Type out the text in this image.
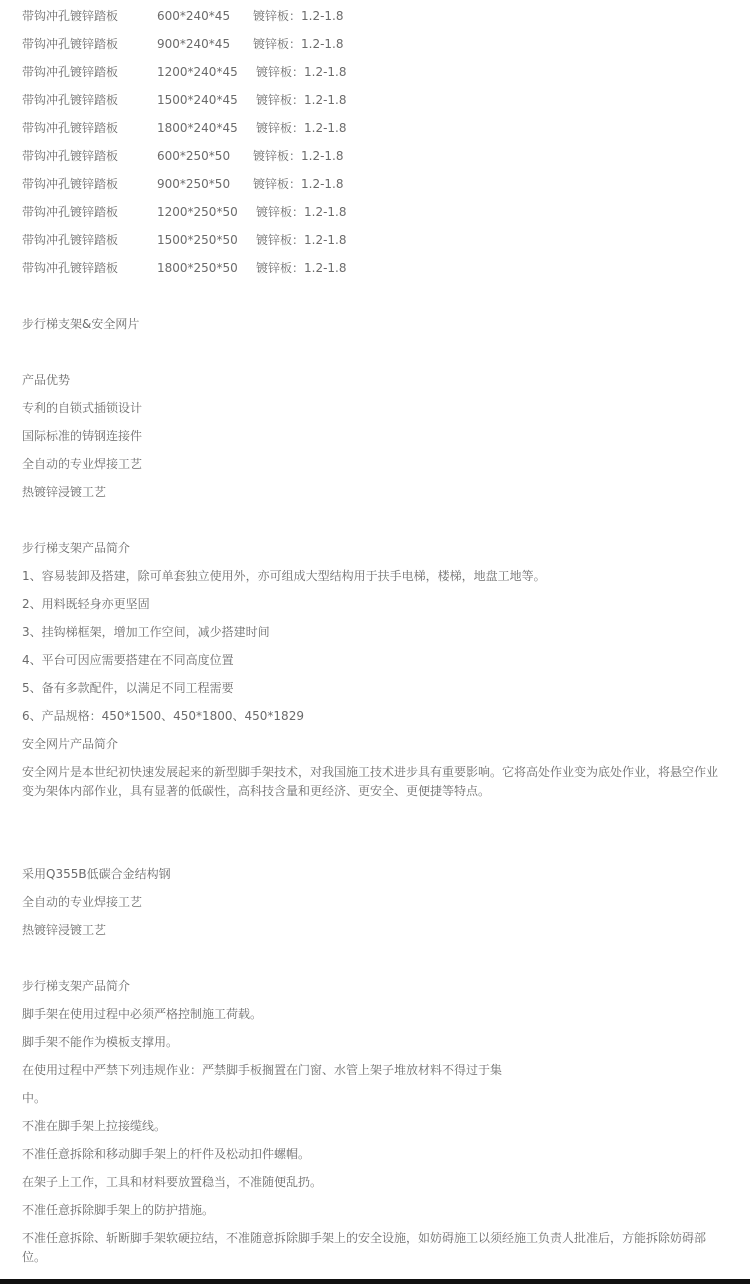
带钩冲孔镀锌踏板	600*240*45 镀锌板：1.2-1.8
带钩冲孔镀锌踏板	900*240*45 镀锌板：1.2-1.8
带钩冲孔镀锌踏板	1200*240*45 镀锌板：1.2-1.8
带钩冲孔镀锌踏板	1500*240*45 镀锌板：1.2-1.8
带钩冲孔镀锌踏板	1800*240*45 镀锌板：1.2-1.8
带钩冲孔镀锌踏板	600*250*50 镀锌板：1.2-1.8
带钩冲孔镀锌踏板	900*250*50 镀锌板：1.2-1.8
带钩冲孔镀锌踏板	1200*250*50 镀锌板：1.2-1.8
带钩冲孔镀锌踏板	1500*250*50 镀锌板：1.2-1.8
带钩冲孔镀锌踏板	1800*250*50 镀锌板：1.2-1.8
步行梯支架&安全网片
产品优势
专利的自锁式插锁设计
国际标准的铸钢连接件
全自动的专业焊接工艺
热镀锌浸镀工艺
步行梯支架产品简介
1、容易装卸及搭建，除可单套独立使用外，亦可组成大型结构用于扶手电梯，楼梯，地盘工地等。
2、用料既轻身亦更坚固
3、挂钩梯框架，增加工作空间，减少搭建时间
4、平台可因应需要搭建在不同高度位置
5、备有多款配件，以满足不同工程需要
6、产品规格：450*1500、450*1800、450*1829
安全网片产品简介
安全网片是本世纪初快速发展起来的新型脚手架技术，对我国施工技术进步具有重要影响。它将高处作业变为底处作业，将悬空作业变为架体内部作业，具有显著的低碳性，高科技含量和更经济、更安全、更便捷等特点。
采用Q355B低碳合金结构钢
全自动的专业焊接工艺
热镀锌浸镀工艺
步行梯支架产品简介
脚手架在使用过程中必须严格控制施工荷载。
脚手架不能作为模板支撑用。
在使用过程中严禁下列违规作业：严禁脚手板搁置在门窗、水管上架子堆放材料不得过于集
中。
不准在脚手架上拉接缆线。
不准任意拆除和移动脚手架上的杆件及松动扣件螺帽。
在架子上工作，工具和材料要放置稳当，不准随便乱扔。
不准任意拆除脚手架上的防护措施。
不准任意拆除、斩断脚手架软硬拉结，不准随意拆除脚手架上的安全设施，如妨碍施工以须经施工负责人批准后，方能拆除妨碍部位。
